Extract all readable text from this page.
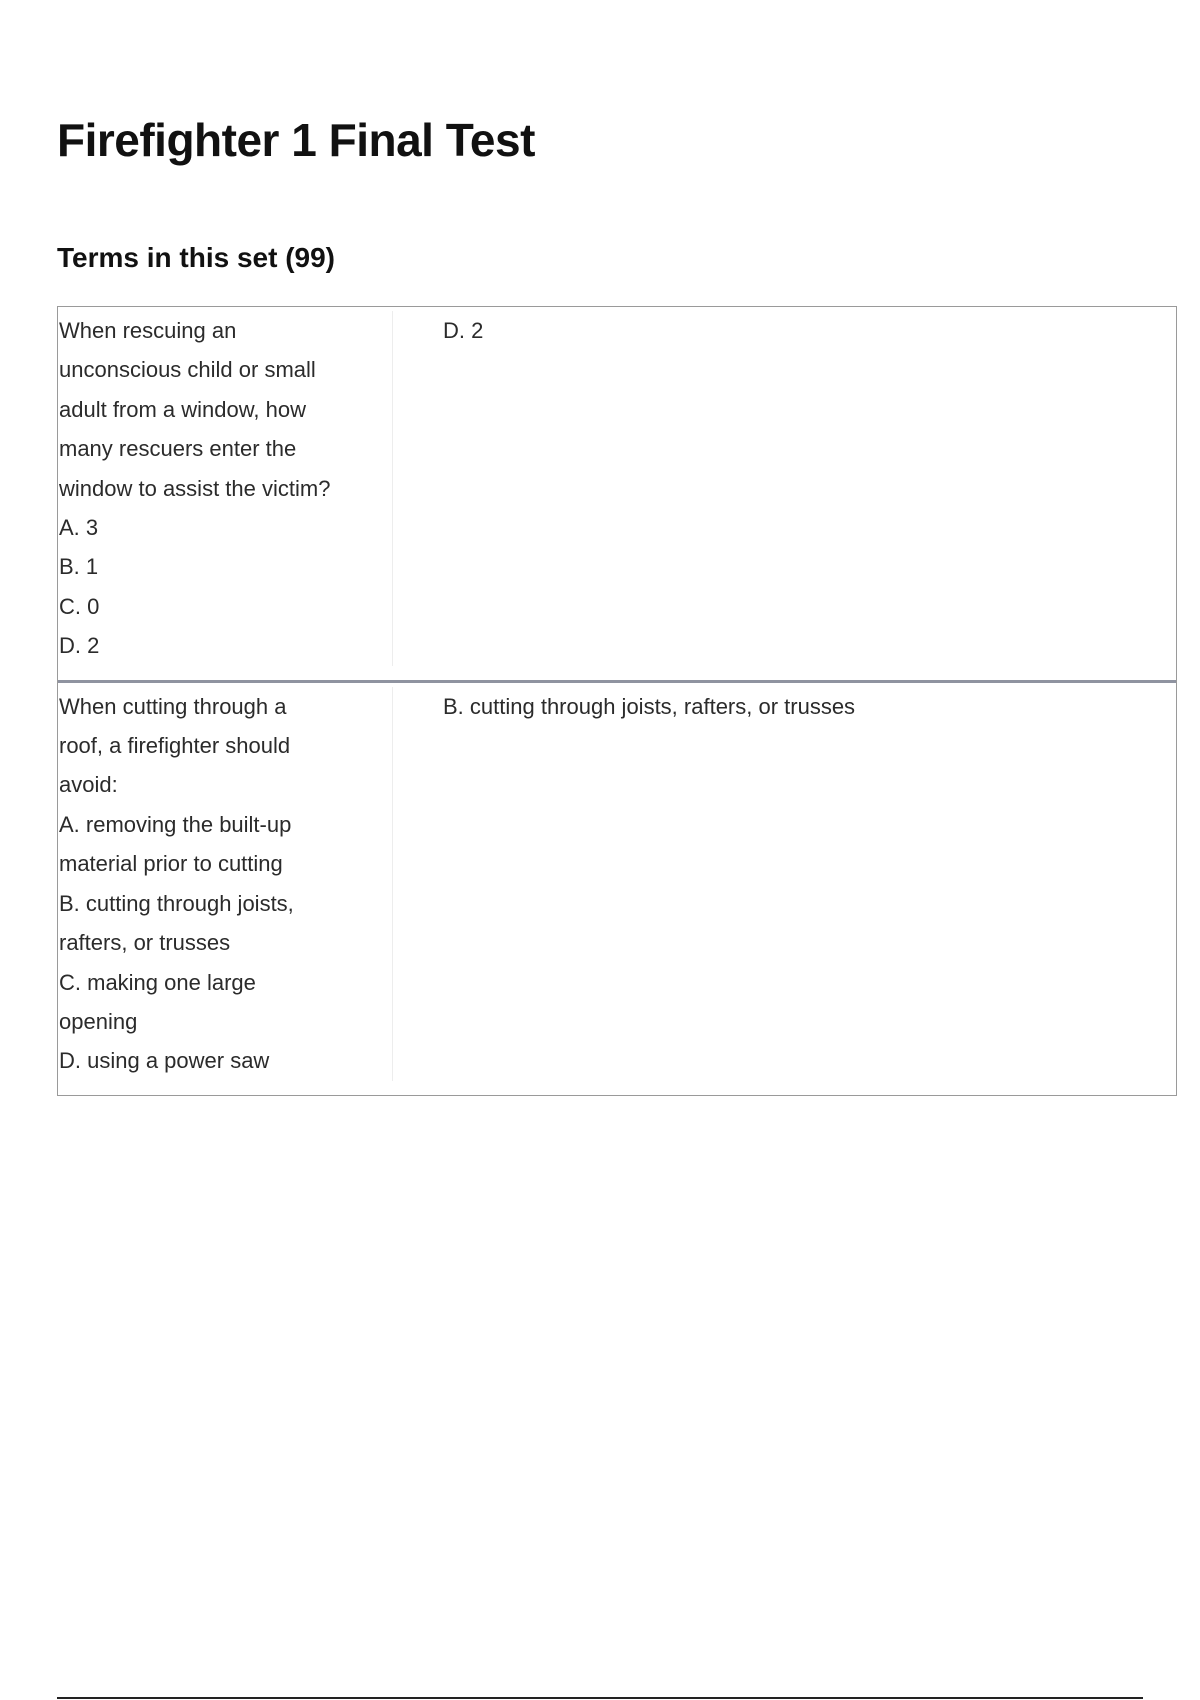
Firefighter 1 Final Test
Terms in this set (99)
When rescuing an
unconscious child or small
adult from a window, how
many rescuers enter the
window to assist the victim?
A. 3
B. 1
C. 0
D. 2
D. 2
When cutting through a
roof, a firefighter should
avoid:
A. removing the built-up
material prior to cutting
B. cutting through joists,
rafters, or trusses
C. making one large
opening
D. using a power saw
B. cutting through joists, rafters, or trusses
